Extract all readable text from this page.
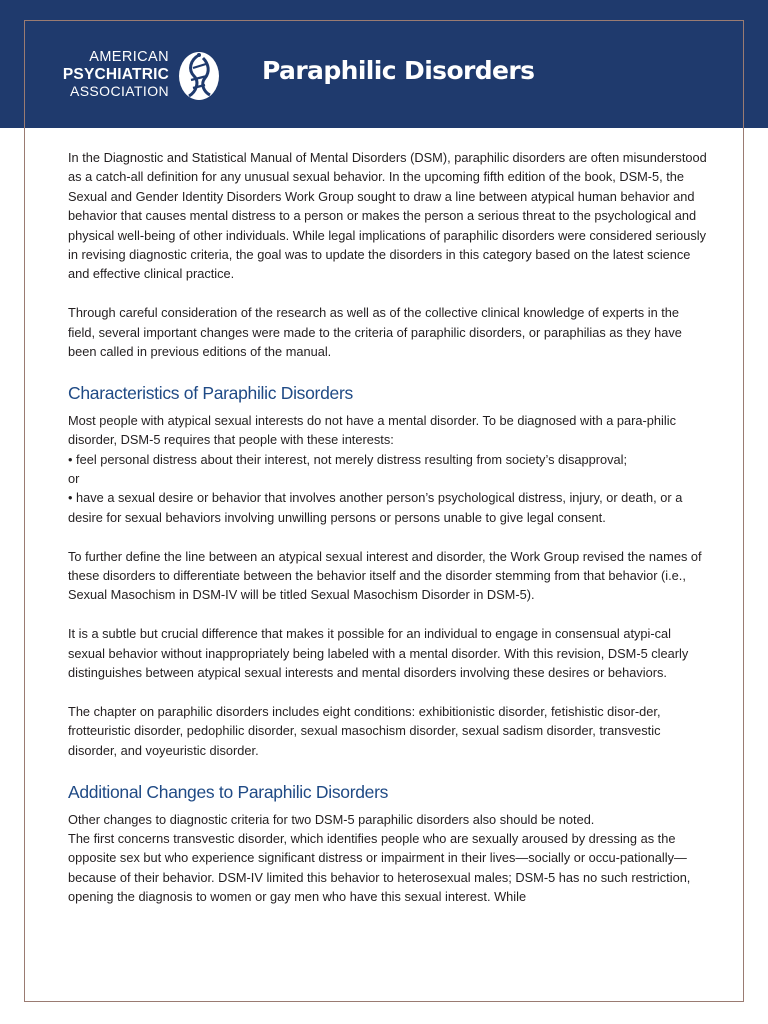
AMERICAN
PSYCHIATRIC
ASSOCIATION
Paraphilic Disorders

In the Diagnostic and Statistical Manual of Mental Disorders (DSM), paraphilic disorders are often misunderstood as a catch-all definition for any unusual sexual behavior. In the upcoming fifth edition of the book, DSM-5, the Sexual and Gender Identity Disorders Work Group sought to draw a line between atypical human behavior and behavior that causes mental distress to a person or makes the person a serious threat to the psychological and physical well-being of other individuals. While legal implications of paraphilic disorders were considered seriously in revising diagnostic criteria, the goal was to update the disorders in this category based on the latest science and effective clinical practice.

Through careful consideration of the research as well as of the collective clinical knowledge of experts in the field, several important changes were made to the criteria of paraphilic disorders, or paraphilias as they have been called in previous editions of the manual.

Characteristics of Paraphilic Disorders

Most people with atypical sexual interests do not have a mental disorder. To be diagnosed with a para-philic disorder, DSM-5 requires that people with these interests:
• feel personal distress about their interest, not merely distress resulting from society’s disapproval;
or
• have a sexual desire or behavior that involves another person’s psychological distress, injury, or death, or a desire for sexual behaviors involving unwilling persons or persons unable to give legal consent.

To further define the line between an atypical sexual interest and disorder, the Work Group revised the names of these disorders to differentiate between the behavior itself and the disorder stemming from that behavior (i.e., Sexual Masochism in DSM-IV will be titled Sexual Masochism Disorder in DSM-5).

It is a subtle but crucial difference that makes it possible for an individual to engage in consensual atypi-cal sexual behavior without inappropriately being labeled with a mental disorder. With this revision, DSM-5 clearly distinguishes between atypical sexual interests and mental disorders involving these desires or behaviors.

The chapter on paraphilic disorders includes eight conditions: exhibitionistic disorder, fetishistic disor-der, frotteuristic disorder, pedophilic disorder, sexual masochism disorder, sexual sadism disorder, transvestic disorder, and voyeuristic disorder.

Additional Changes to Paraphilic Disorders

Other changes to diagnostic criteria for two DSM-5 paraphilic disorders also should be noted.
The first concerns transvestic disorder, which identifies people who are sexually aroused by dressing as the opposite sex but who experience significant distress or impairment in their lives—socially or occu-pationally—because of their behavior. DSM-IV limited this behavior to heterosexual males; DSM-5 has no such restriction, opening the diagnosis to women or gay men who have this sexual interest. While
